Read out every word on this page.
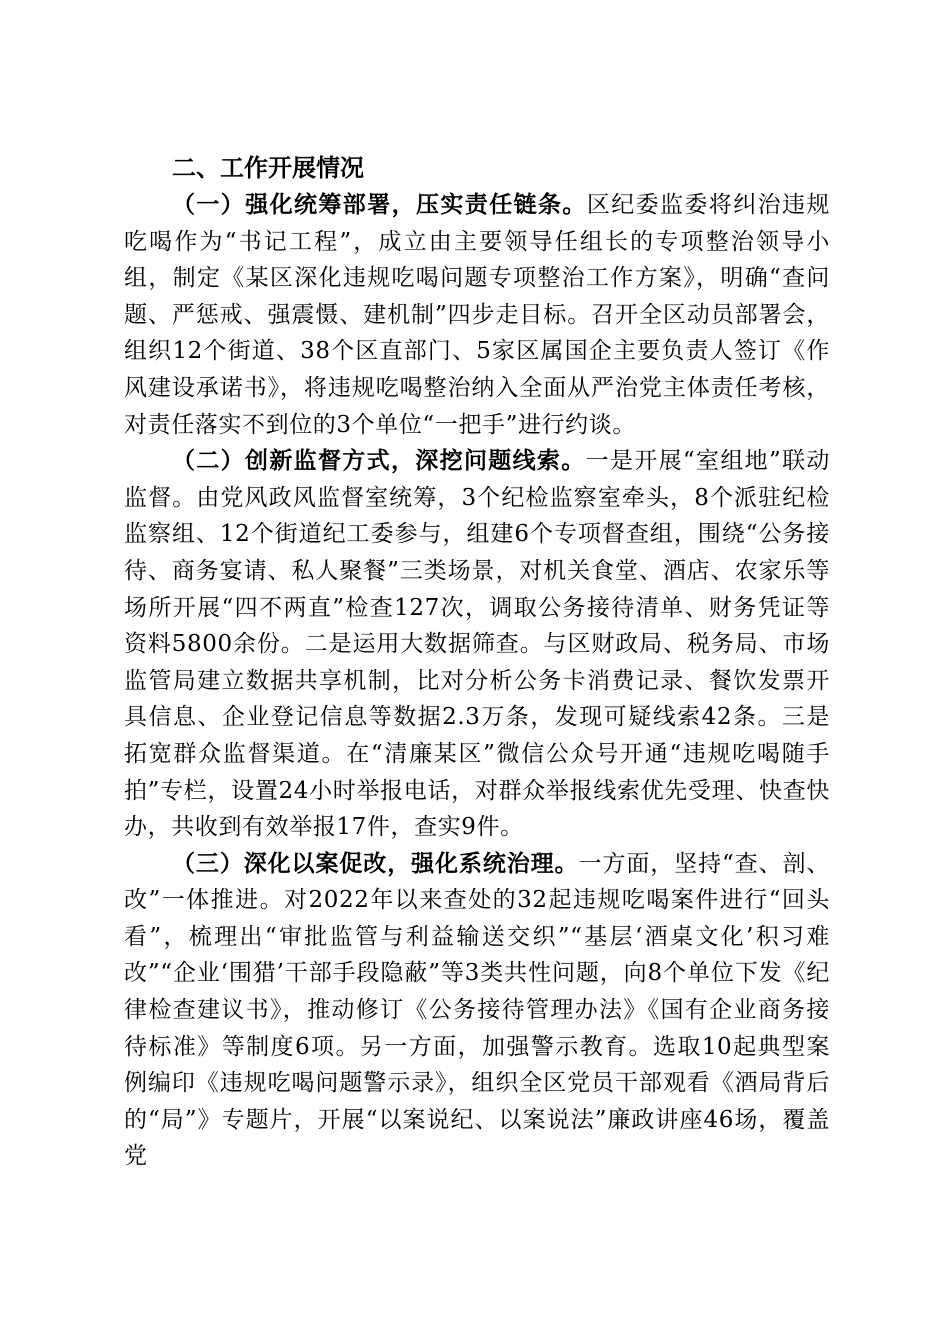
二、工作开展情况

（一）强化统筹部署，压实责任链条。区纪委监委将纠治违规吃喝作为“书记工程”，成立由主要领导任组长的专项整治领导小组，制定《某区深化违规吃喝问题专项整治工作方案》，明确“查问题、严惩戒、强震慑、建机制”四步走目标。召开全区动员部署会，组织12个街道、38个区直部门、5家区属国企主要负责人签订《作风建设承诺书》，将违规吃喝整治纳入全面从严治党主体责任考核，对责任落实不到位的3个单位“一把手”进行约谈。

（二）创新监督方式，深挖问题线索。一是开展“室组地”联动监督。由党风政风监督室统筹，3个纪检监察室牵头，8个派驻纪检监察组、12个街道纪工委参与，组建6个专项督查组，围绕“公务接待、商务宴请、私人聚餐”三类场景，对机关食堂、酒店、农家乐等场所开展“四不两直”检查127次，调取公务接待清单、财务凭证等资料5800余份。二是运用大数据筛查。与区财政局、税务局、市场监管局建立数据共享机制，比对分析公务卡消费记录、餐饮发票开具信息、企业登记信息等数据2.3万条，发现可疑线索42条。三是拓宽群众监督渠道。在“清廉某区”微信公众号开通“违规吃喝随手拍”专栏，设置24小时举报电话，对群众举报线索优先受理、快查快办，共收到有效举报17件，查实9件。

（三）深化以案促改，强化系统治理。一方面，坚持“查、剖、改”一体推进。对2022年以来查处的32起违规吃喝案件进行“回头看”，梳理出“审批监管与利益输送交织”“基层‘酒桌文化’积习难改”“企业‘围猎’干部手段隐蔽”等3类共性问题，向8个单位下发《纪律检查建议书》，推动修订《公务接待管理办法》《国有企业商务接待标准》等制度6项。另一方面，加强警示教育。选取10起典型案例编印《违规吃喝问题警示录》，组织全区党员干部观看《酒局背后的“局”》专题片，开展“以案说纪、以案说法”廉政讲座46场，覆盖党
